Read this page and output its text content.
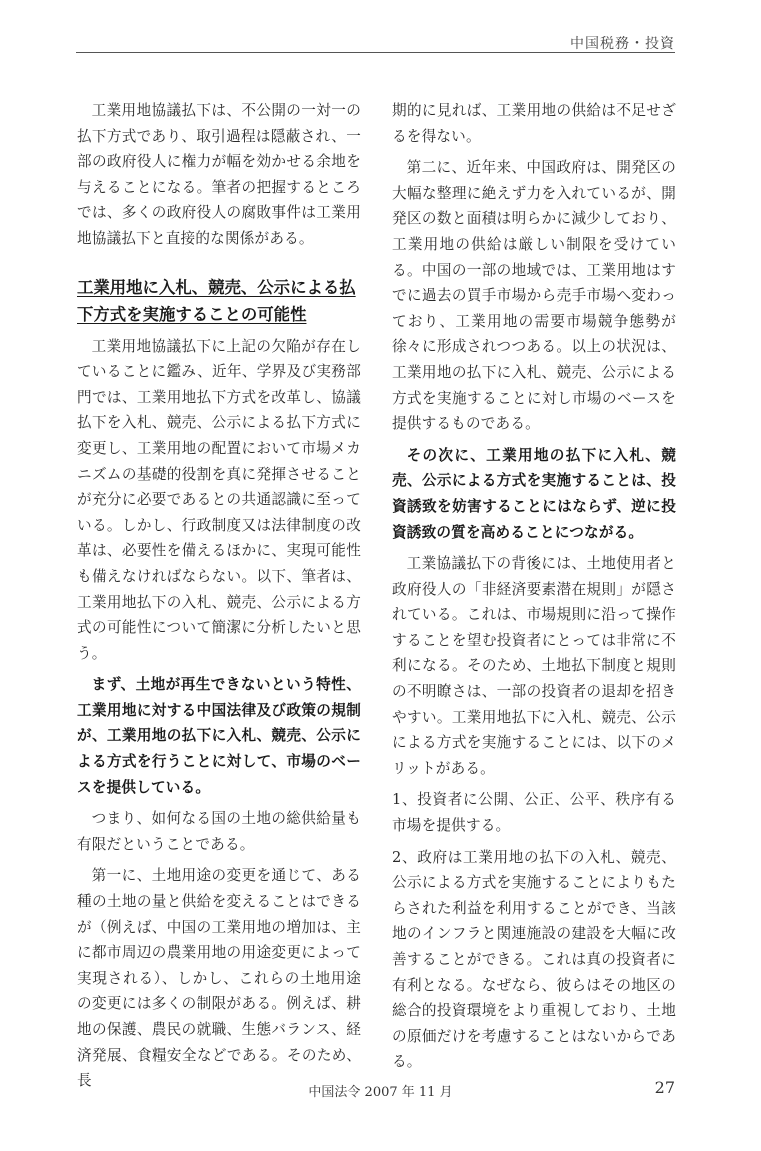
中国税務・投資

工業用地協議払下は、不公開の一対一の払下方式であり、取引過程は隠蔽され、一部の政府役人に権力が幅を効かせる余地を与えることになる。筆者の把握するところでは、多くの政府役人の腐敗事件は工業用地協議払下と直接的な関係がある。

工業用地に入札、競売、公示による払下方式を実施することの可能性

工業用地協議払下に上記の欠陥が存在していることに鑑み、近年、学界及び実務部門では、工業用地払下方式を改革し、協議払下を入札、競売、公示による払下方式に変更し、工業用地の配置において市場メカニズムの基礎的役割を真に発揮させることが充分に必要であるとの共通認識に至っている。しかし、行政制度又は法律制度の改革は、必要性を備えるほかに、実現可能性も備えなければならない。以下、筆者は、工業用地払下の入札、競売、公示による方式の可能性について簡潔に分析したいと思う。

まず、土地が再生できないという特性、工業用地に対する中国法律及び政策の規制が、工業用地の払下に入札、競売、公示による方式を行うことに対して、市場のベースを提供している。

つまり、如何なる国の土地の総供給量も有限だということである。

第一に、土地用途の変更を通じて、ある種の土地の量と供給を変えることはできるが（例えば、中国の工業用地の増加は、主に都市周辺の農業用地の用途変更によって実現される）、しかし、これらの土地用途の変更には多くの制限がある。例えば、耕地の保護、農民の就職、生態バランス、経済発展、食糧安全などである。そのため、長

期的に見れば、工業用地の供給は不足せざるを得ない。

第二に、近年来、中国政府は、開発区の大幅な整理に絶えず力を入れているが、開発区の数と面積は明らかに減少しており、工業用地の供給は厳しい制限を受けている。中国の一部の地域では、工業用地はすでに過去の買手市場から売手市場へ変わっており、工業用地の需要市場競争態勢が徐々に形成されつつある。以上の状況は、工業用地の払下に入札、競売、公示による方式を実施することに対し市場のベースを提供するものである。

その次に、工業用地の払下に入札、競売、公示による方式を実施することは、投資誘致を妨害することにはならず、逆に投資誘致の質を高めることにつながる。

工業協議払下の背後には、土地使用者と政府役人の「非経済要素潜在規則」が隠されている。これは、市場規則に沿って操作することを望む投資者にとっては非常に不利になる。そのため、土地払下制度と規則の不明瞭さは、一部の投資者の退却を招きやすい。工業用地払下に入札、競売、公示による方式を実施することには、以下のメリットがある。

1、投資者に公開、公正、公平、秩序有る市場を提供する。

2、政府は工業用地の払下の入札、競売、公示による方式を実施することによりもたらされた利益を利用することができ、当該地のインフラと関連施設の建設を大幅に改善することができる。これは真の投資者に有利となる。なぜなら、彼らはその地区の総合的投資環境をより重視しており、土地の原価だけを考慮することはないからである。

中国法令 2007 年 11 月	27
